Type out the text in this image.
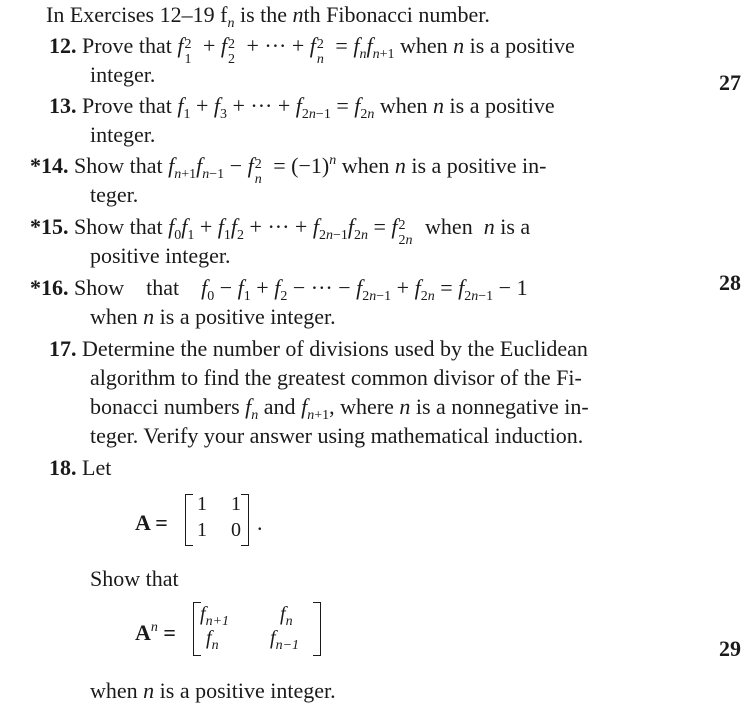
In Exercises 12–19 $f_n$ is the nth Fibonacci number.
12. Prove that f 2
1
+ f 2
2
+ ··· + f 2
n
= $f_nf_{n+1}$ when n is a positive
integer.
13. Prove that $f_1 + f_3$ + ··· + $f_{2n-1} = f_{2n}$ when n is a positive
integer.
*14. Show that $f_{n+1}f_{n-1} - f$ 2
n
= $(-1)^n$ when n is a positive in-
teger.
*15. Show that $f_0f_1 + f_1f_2$ + ··· + $f_{2n-1}f_{2n} = f$ 2
2n
when  n is a
positive integer.
*16. Show that $f_0 - f_1 + f_2$ − ··· − $f_{2n-1} + f_{2n} = f_{2n-1} - 1$
when n is a positive integer.
17. Determine the number of divisions used by the Euclidean
algorithm to find the greatest common divisor of the Fi-
bonacci numbers $f_n$ and $f_{n+1}$, where n is a nonnegative in-
teger. Verify your answer using mathematical induction.
18. Let
A =
1 1
1 0 .
Show that
$A^n$ =
$f_{n+1}$	$f_n$
$f_n$	$f_{n-1}$
when n is a positive integer.
27
28
29
